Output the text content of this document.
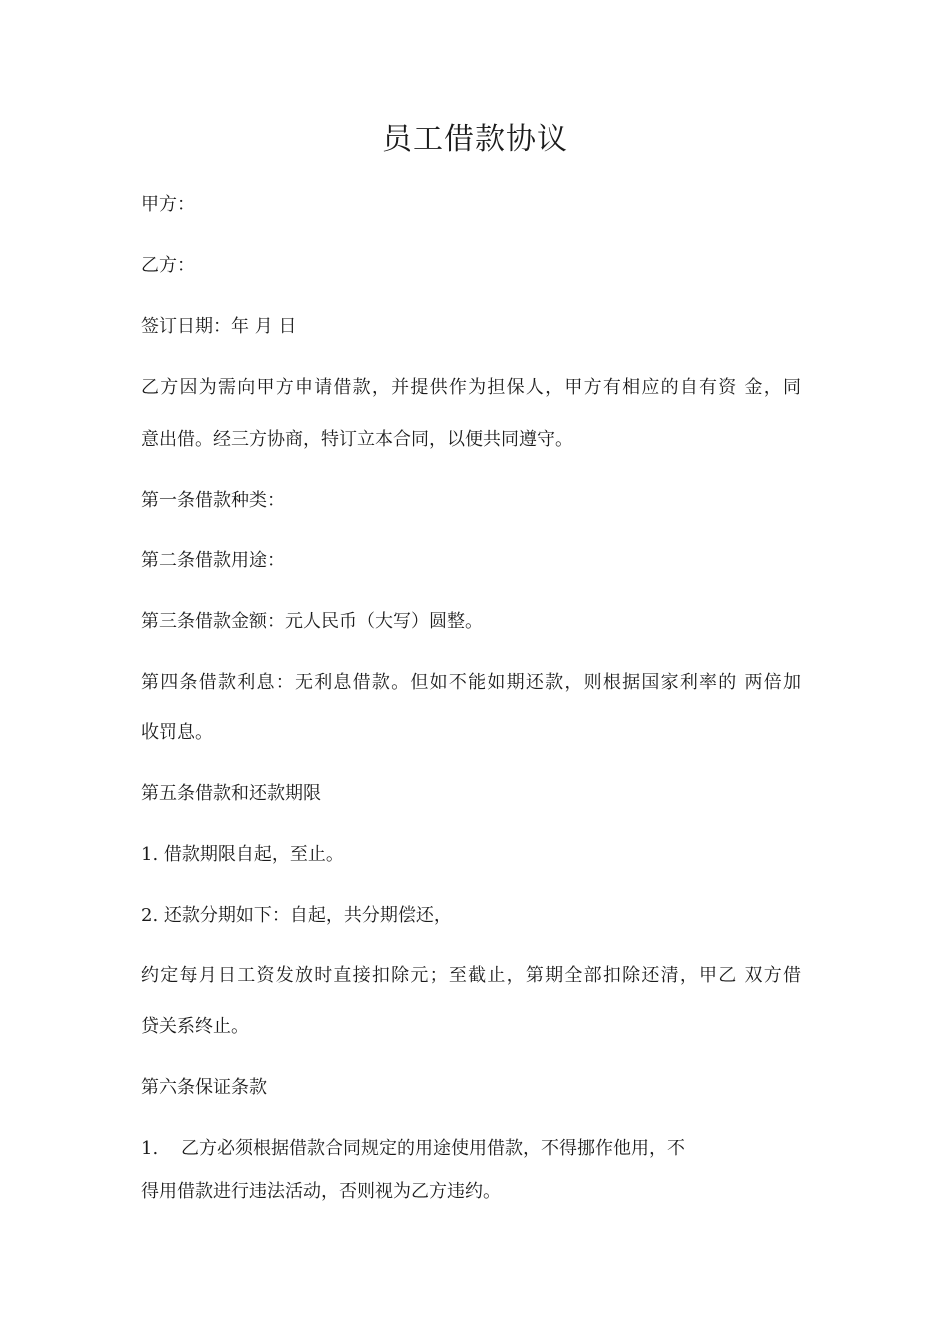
员工借款协议
甲方：
乙方：
签订日期：年 月 日
乙方因为需向甲方申请借款，并提供作为担保人，甲方有相应的自有资 金，同
意出借。经三方协商，特订立本合同，以便共同遵守。
第一条借款种类：
第二条借款用途：
第三条借款金额：元人民币（大写）圆整。
第四条借款利息：无利息借款。但如不能如期还款，则根据国家利率的 两倍加
收罚息。
第五条借款和还款期限
1. 借款期限自起，至止。
2. 还款分期如下：自起，共分期偿还，
约定每月日工资发放时直接扣除元；至截止，第期全部扣除还清，甲乙 双方借
贷关系终止。
第六条保证条款
1.    乙方必须根据借款合同规定的用途使用借款，不得挪作他用，不
得用借款进行违法活动，否则视为乙方违约。
